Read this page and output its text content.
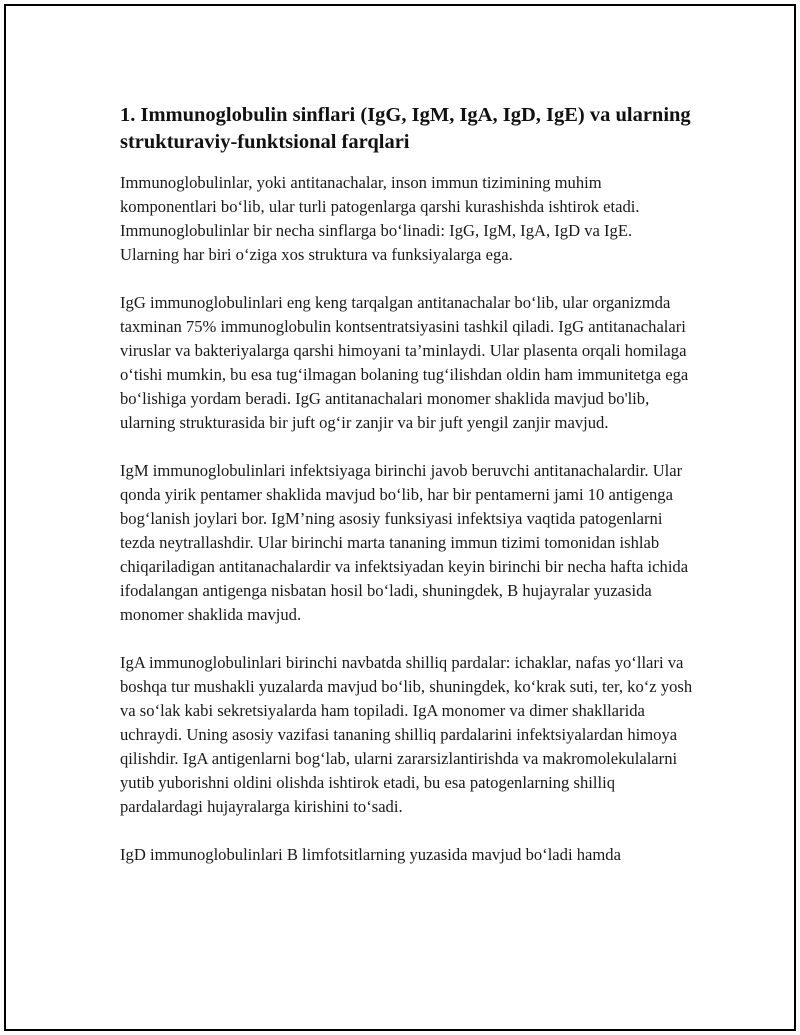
1. Immunoglobulin sinflari (IgG, IgM, IgA, IgD, IgE) va ularning strukturaviy-funktsional farqlari

Immunoglobulinlar, yoki antitanachalar, inson immun tizimining muhim komponentlari bo‘lib, ular turli patogenlarga qarshi kurashishda ishtirok etadi. Immunoglobulinlar bir necha sinflarga bo‘linadi: IgG, IgM, IgA, IgD va IgE. Ularning har biri o‘ziga xos struktura va funksiyalarga ega.

IgG immunoglobulinlari eng keng tarqalgan antitanachalar bo‘lib, ular organizmda taxminan 75% immunoglobulin kontsentratsiyasini tashkil qiladi. IgG antitanachalari viruslar va bakteriyalarga qarshi himoyani ta’minlaydi. Ular plasenta orqali homilaga o‘tishi mumkin, bu esa tug‘ilmagan bolaning tug‘ilishdan oldin ham immunitetga ega bo‘lishiga yordam beradi. IgG antitanachalari monomer shaklida mavjud bo'lib, ularning strukturasida bir juft og‘ir zanjir va bir juft yengil zanjir mavjud.

IgM immunoglobulinlari infektsiyaga birinchi javob beruvchi antitanachalardir. Ular qonda yirik pentamer shaklida mavjud bo‘lib, har bir pentamerni jami 10 antigenga bog‘lanish joylari bor. IgM’ning asosiy funksiyasi infektsiya vaqtida patogenlarni tezda neytrallashdir. Ular birinchi marta tananing immun tizimi tomonidan ishlab chiqariladigan antitanachalardir va infektsiyadan keyin birinchi bir necha hafta ichida ifodalangan antigenga nisbatan hosil bo‘ladi, shuningdek, B hujayralar yuzasida monomer shaklida mavjud.

IgA immunoglobulinlari birinchi navbatda shilliq pardalar: ichaklar, nafas yo‘llari va boshqa tur mushakli yuzalarda mavjud bo‘lib, shuningdek, ko‘krak suti, ter, ko‘z yosh va so‘lak kabi sekretsiyalarda ham topiladi. IgA monomer va dimer shakllarida uchraydi. Uning asosiy vazifasi tananing shilliq pardalarini infektsiyalardan himoya qilishdir. IgA antigenlarni bog‘lab, ularni zararsizlantirishda va makromolekulalarni yutib yuborishni oldini olishda ishtirok etadi, bu esa patogenlarning shilliq pardalardagi hujayralarga kirishini to‘sadi.

IgD immunoglobulinlari B limfotsitlarning yuzasida mavjud bo‘ladi hamda
